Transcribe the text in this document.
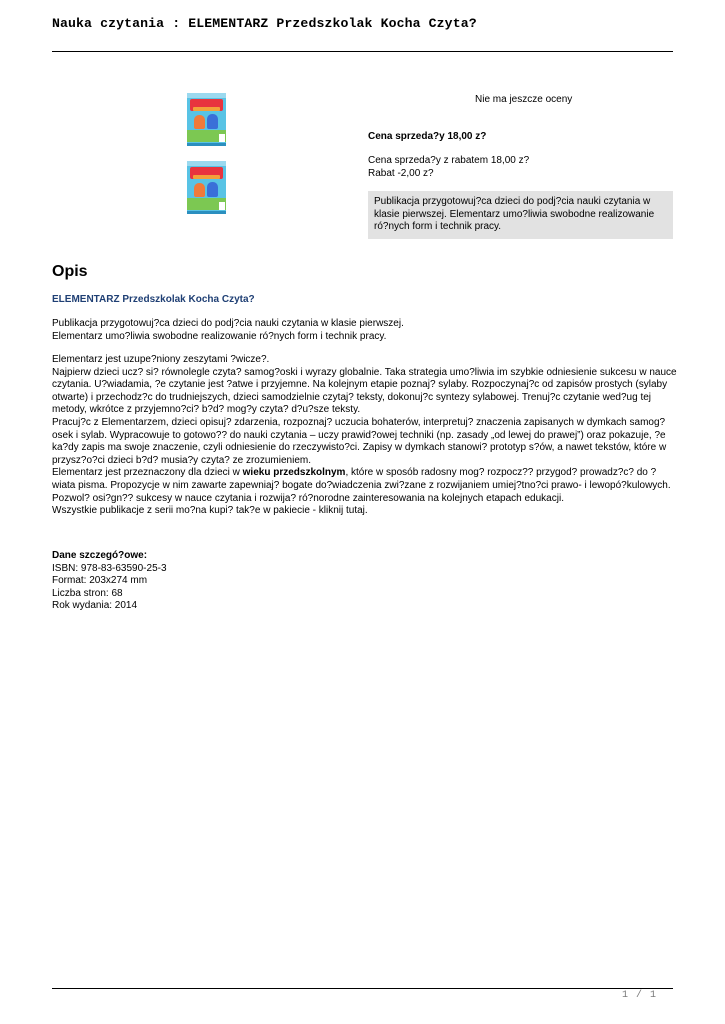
Nauka czytania : ELEMENTARZ Przedszkolak Kocha Czyta?
Nie ma jeszcze oceny
Cena sprzeda?y 18,00 z?
Cena sprzeda?y z rabatem 18,00 z?
Rabat -2,00 z?
Publikacja przygotowuj?ca dzieci do podj?cia nauki czytania w klasie pierwszej. Elementarz umo?liwia swobodne realizowanie ró?nych form i technik pracy.
Opis
ELEMENTARZ Przedszkolak Kocha Czyta?

Publikacja przygotowuj?ca dzieci do podj?cia nauki czytania w klasie pierwszej.

Elementarz umo?liwia swobodne realizowanie ró?nych form i technik pracy.

Elementarz jest uzupe?niony zeszytami ?wicze?.

Najpierw dzieci ucz? si? równolegle czyta? samog?oski i wyrazy globalnie. Taka strategia umo?liwia im szybkie odniesienie sukcesu w nauce czytania. U?wiadamia, ?e czytanie jest ?atwe i przyjemne. Na kolejnym etapie poznaj? sylaby. Rozpoczynaj?c od zapisów prostych (sylaby otwarte) i przechodz?c do trudniejszych, dzieci samodzielnie czytaj? teksty, dokonuj?c syntezy sylabowej. Trenuj?c czytanie wed?ug tej metody, wkrótce z przyjemno?ci? b?d? mog?y czyta? d?u?sze teksty.

Pracuj?c z Elementarzem, dzieci opisuj? zdarzenia, rozpoznaj? uczucia bohaterów, interpretuj? znaczenia zapisanych w dymkach samog?osek i sylab. Wypracowuje to gotowo?? do nauki czytania – uczy prawid?owej techniki (np. zasady „od lewej do prawej”) oraz pokazuje, ?e ka?dy zapis ma swoje znaczenie, czyli odniesienie do rzeczywisto?ci. Zapisy w dymkach stanowi? prototyp s?ów, a nawet tekstów, które w przysz?o?ci dzieci b?d? musia?y czyta? ze zrozumieniem.

Elementarz jest przeznaczony dla dzieci w wieku przedszkolnym, które w sposób radosny mog? rozpocz?? przygod? prowadz?c? do ?wiata pisma. Propozycje w nim zawarte zapewniaj? bogate do?wiadczenia zwi?zane z rozwijaniem umiej?tno?ci prawo- i lewopó?kulowych. Pozwol? osi?gn?? sukcesy w nauce czytania i rozwija? ró?norodne zainteresowania na kolejnych etapach edukacji.

Wszystkie publikacje z serii mo?na kupi? tak?e w pakiecie - kliknij tutaj.

Dane szczegó?owe:
ISBN: 978-83-63590-25-3
Format: 203x274 mm
Liczba stron: 68
Rok wydania: 2014
1 / 1
